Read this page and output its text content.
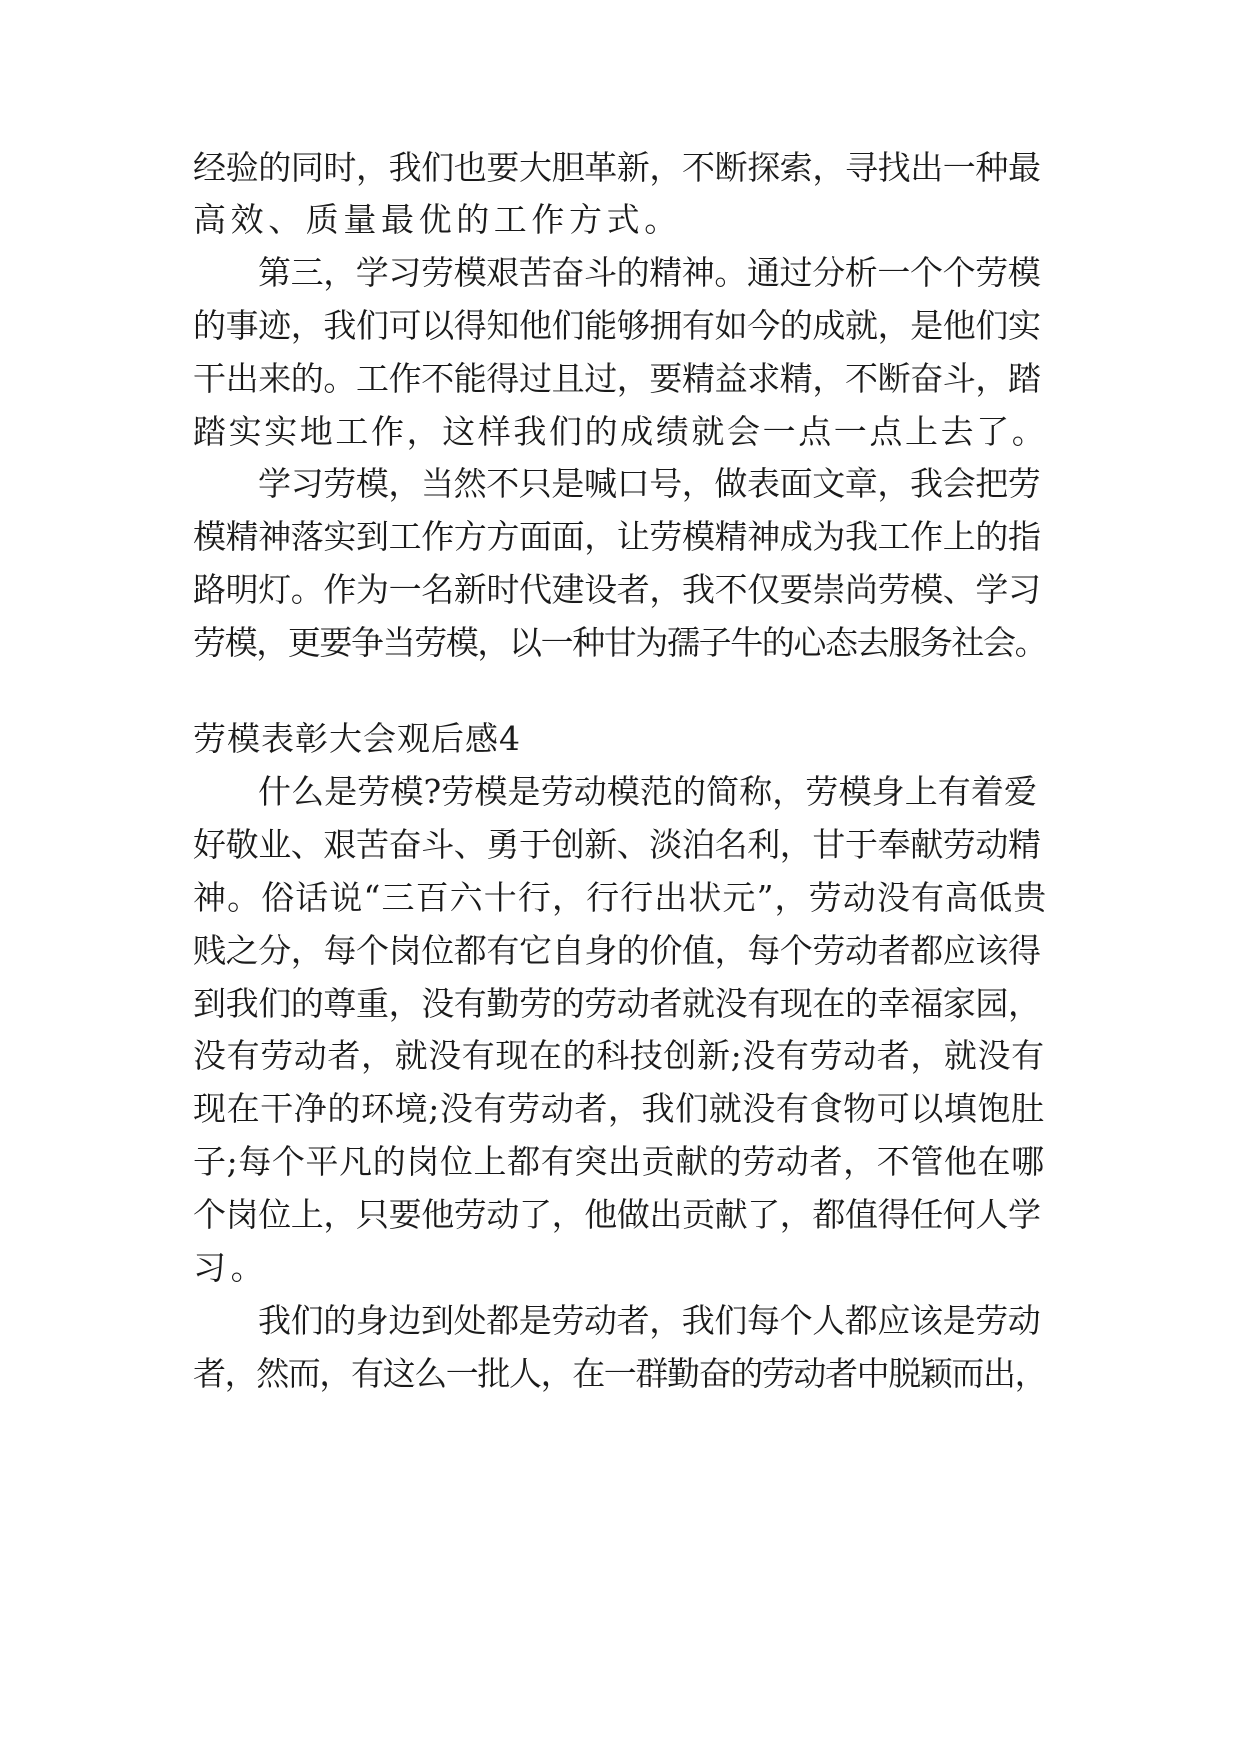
经验的同时，我们也要大胆革新，不断探索，寻找出一种最
高效、质量最优的工作方式。
第三，学习劳模艰苦奋斗的精神。通过分析一个个劳模
的事迹，我们可以得知他们能够拥有如今的成就，是他们实
干出来的。工作不能得过且过，要精益求精，不断奋斗，踏
踏实实地工作，这样我们的成绩就会一点一点上去了。
学习劳模，当然不只是喊口号，做表面文章，我会把劳
模精神落实到工作方方面面，让劳模精神成为我工作上的指
路明灯。作为一名新时代建设者，我不仅要崇尚劳模、学习
劳模，更要争当劳模，以一种甘为孺子牛的心态去服务社会。
劳模表彰大会观后感4
什么是劳模?劳模是劳动模范的简称，劳模身上有着爱
好敬业、艰苦奋斗、勇于创新、淡泊名利，甘于奉献劳动精
神。俗话说“三百六十行，行行出状元”，劳动没有高低贵
贱之分，每个岗位都有它自身的价值，每个劳动者都应该得
到我们的尊重，没有勤劳的劳动者就没有现在的幸福家园，
没有劳动者，就没有现在的科技创新;没有劳动者，就没有
现在干净的环境;没有劳动者，我们就没有食物可以填饱肚
子;每个平凡的岗位上都有突出贡献的劳动者，不管他在哪
个岗位上，只要他劳动了，他做出贡献了，都值得任何人学
习。
我们的身边到处都是劳动者，我们每个人都应该是劳动
者，然而，有这么一批人，在一群勤奋的劳动者中脱颖而出，
